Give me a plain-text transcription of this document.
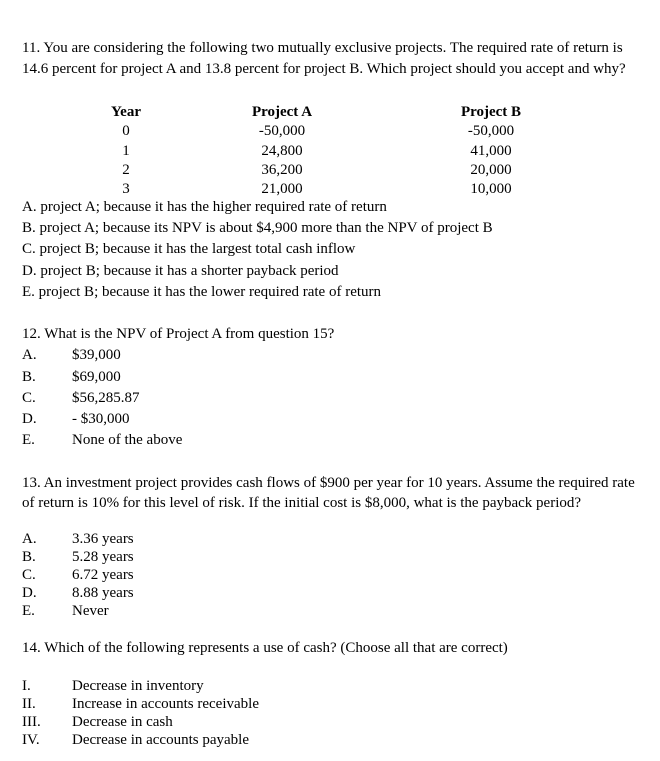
11. You are considering the following two mutually exclusive projects. The required rate of return is 14.6 percent for project A and 13.8 percent for project B. Which project should you accept and why?
Year	Project A	Project B
0	-50,000	-50,000
1	24,800	41,000
2	36,200	20,000
3	21,000	10,000
A. project A; because it has the higher required rate of return
B. project A; because its NPV is about $4,900 more than the NPV of project B
C. project B; because it has the largest total cash inflow
D. project B; because it has a shorter payback period
E. project B; because it has the lower required rate of return
12. What is the NPV of Project A from question 15?
A.	$39,000
B.	$69,000
C.	$56,285.87
D.	- $30,000
E.	None of the above
13. An investment project provides cash flows of $900 per year for 10 years. Assume the required rate of return is 10% for this level of risk. If the initial cost is $8,000, what is the payback period?
A.	3.36 years
B.	5.28 years
C.	6.72 years
D.	8.88 years
E.	Never
14. Which of the following represents a use of cash? (Choose all that are correct)
I.	Decrease in inventory
II.	Increase in accounts receivable
III.	Decrease in cash
IV.	Decrease in accounts payable
